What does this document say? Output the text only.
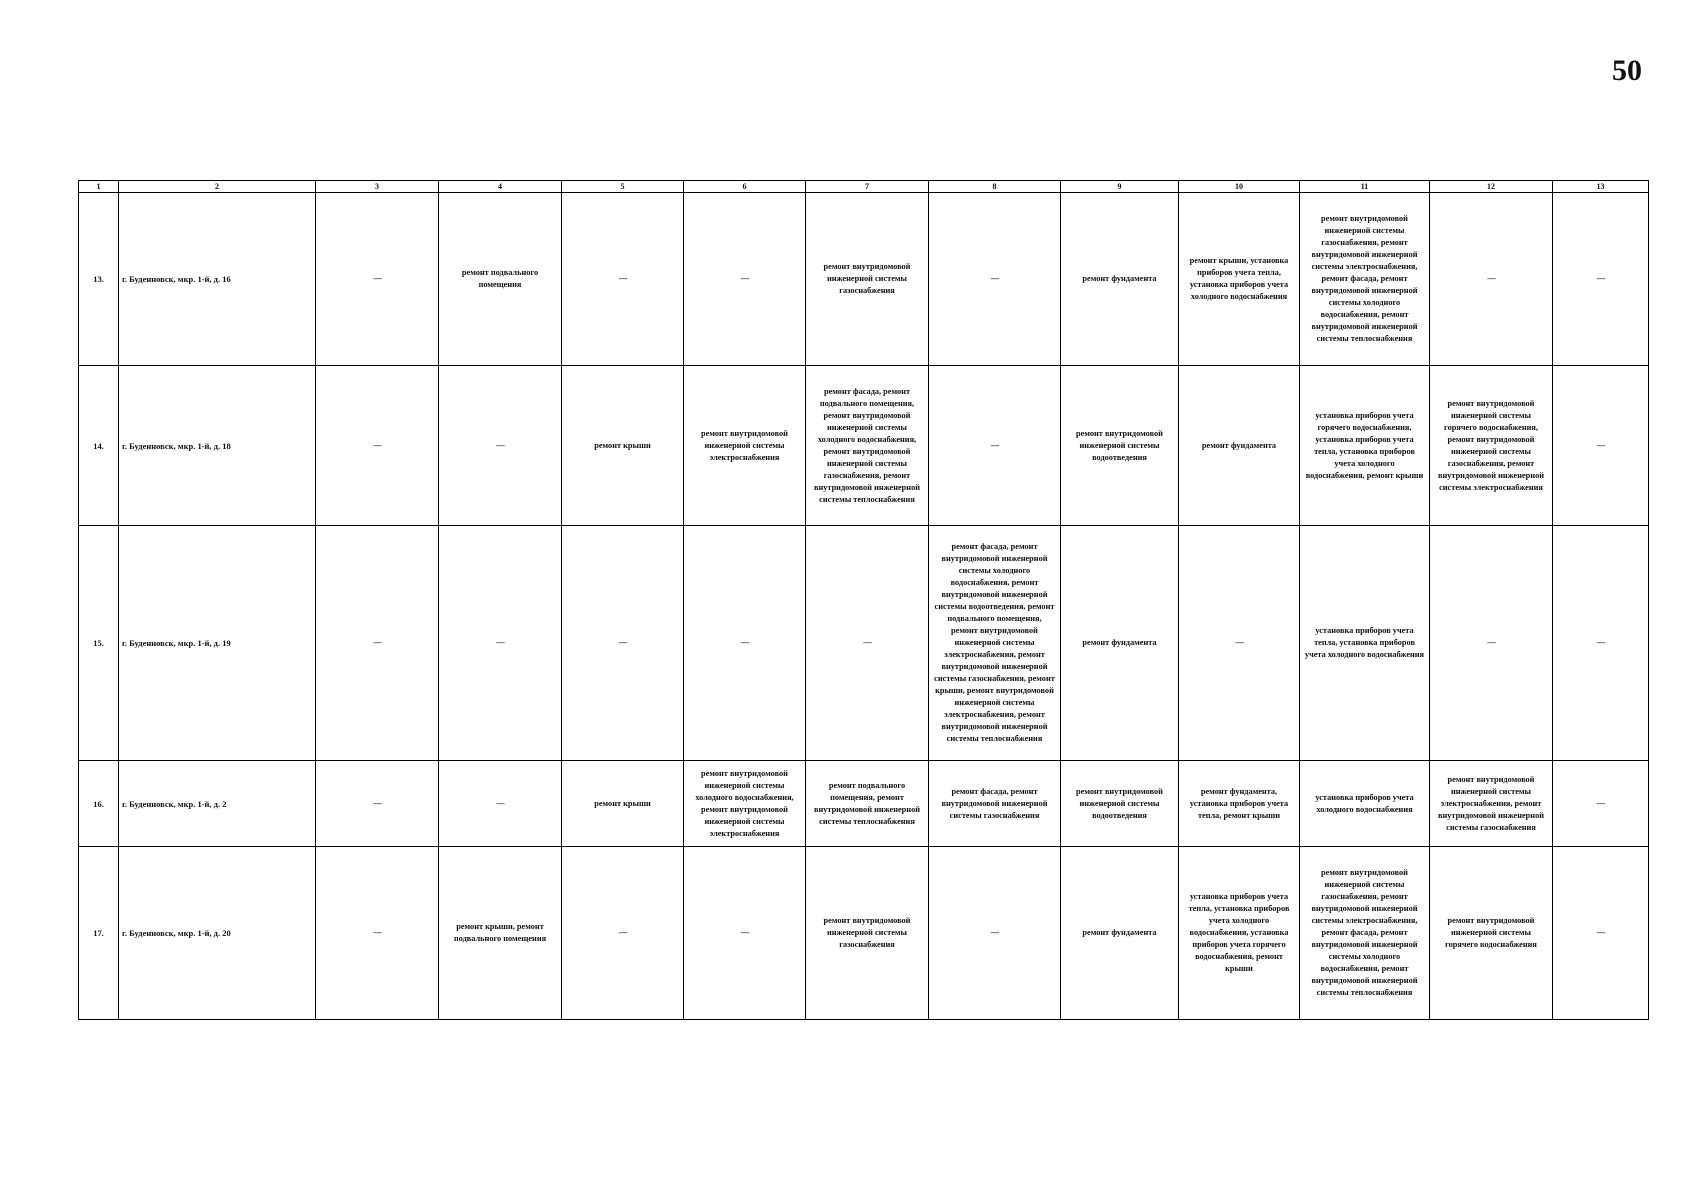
50
1	2	3	4	5	6	7	8	9	10	11	12	13
13.	г. Буденновск, мкр. 1-й, д. 16	—	ремонт подвального помещения	—	—	ремонт внутридомовой инженерной системы газоснабжения	—	ремонт фундамента	ремонт крыши, установка приборов учета тепла, установка приборов учета холодного водоснабжения	ремонт внутридомовой инженерной системы газоснабжения, ремонт внутридомовой инженерной системы электроснабжения, ремонт фасада, ремонт внутридомовой инженерной системы холодного водоснабжения, ремонт внутридомовой инженерной системы теплоснабжения	—	—
14.	г. Буденновск, мкр. 1-й, д. 18	—	—	ремонт крыши	ремонт внутридомовой инженерной системы электроснабжения	ремонт фасада, ремонт подвального помещения, ремонт внутридомовой инженерной системы холодного водоснабжения, ремонт внутридомовой инженерной системы газоснабжения, ремонт внутридомовой инженерной системы теплоснабжения	—	ремонт внутридомовой инженерной системы водоотведения	ремонт фундамента	установка приборов учета горячего водоснабжения, установка приборов учета тепла, установка приборов учета холодного водоснабжения, ремонт крыши	ремонт внутридомовой инженерной системы горячего водоснабжения, ремонт внутридомовой инженерной системы газоснабжения, ремонт внутридомовой инженерной системы электроснабжения	—
15.	г. Буденновск, мкр. 1-й, д. 19	—	—	—	—	—	ремонт фасада, ремонт внутридомовой инженерной системы холодного водоснабжения, ремонт внутридомовой инженерной системы водоотведения, ремонт подвального помещения, ремонт внутридомовой инженерной системы электроснабжения, ремонт внутридомовой инженерной системы газоснабжения, ремонт крыши, ремонт внутридомовой инженерной системы электроснабжения, ремонт внутридомовой инженерной системы теплоснабжения	ремонт фундамента	—	установка приборов учета тепла, установка приборов учета холодного водоснабжения	—	—
16.	г. Буденновск, мкр. 1-й, д. 2	—	—	ремонт крыши	ремонт внутридомовой инженерной системы холодного водоснабжения, ремонт внутридомовой инженерной системы электроснабжения	ремонт подвального помещения, ремонт внутридомовой инженерной системы теплоснабжения	ремонт фасада, ремонт внутридомовой инженерной системы газоснабжения	ремонт внутридомовой инженерной системы водоотведения	ремонт фундамента, установка приборов учета тепла, ремонт крыши	установка приборов учета холодного водоснабжения	ремонт внутридомовой инженерной системы электроснабжения, ремонт внутридомовой инженерной системы газоснабжения	—
17.	г. Буденновск, мкр. 1-й, д. 20	—	ремонт крыши, ремонт подвального помещения	—	—	ремонт внутридомовой инженерной системы газоснабжения	—	ремонт фундамента	установка приборов учета тепла, установка приборов учета холодного водоснабжения, установка приборов учета горячего водоснабжения, ремонт крыши	ремонт внутридомовой инженерной системы газоснабжения, ремонт внутридомовой инженерной системы электроснабжения, ремонт фасада, ремонт внутридомовой инженерной системы холодного водоснабжения, ремонт внутридомовой инженерной системы теплоснабжения	ремонт внутридомовой инженерной системы горячего водоснабжения	—
